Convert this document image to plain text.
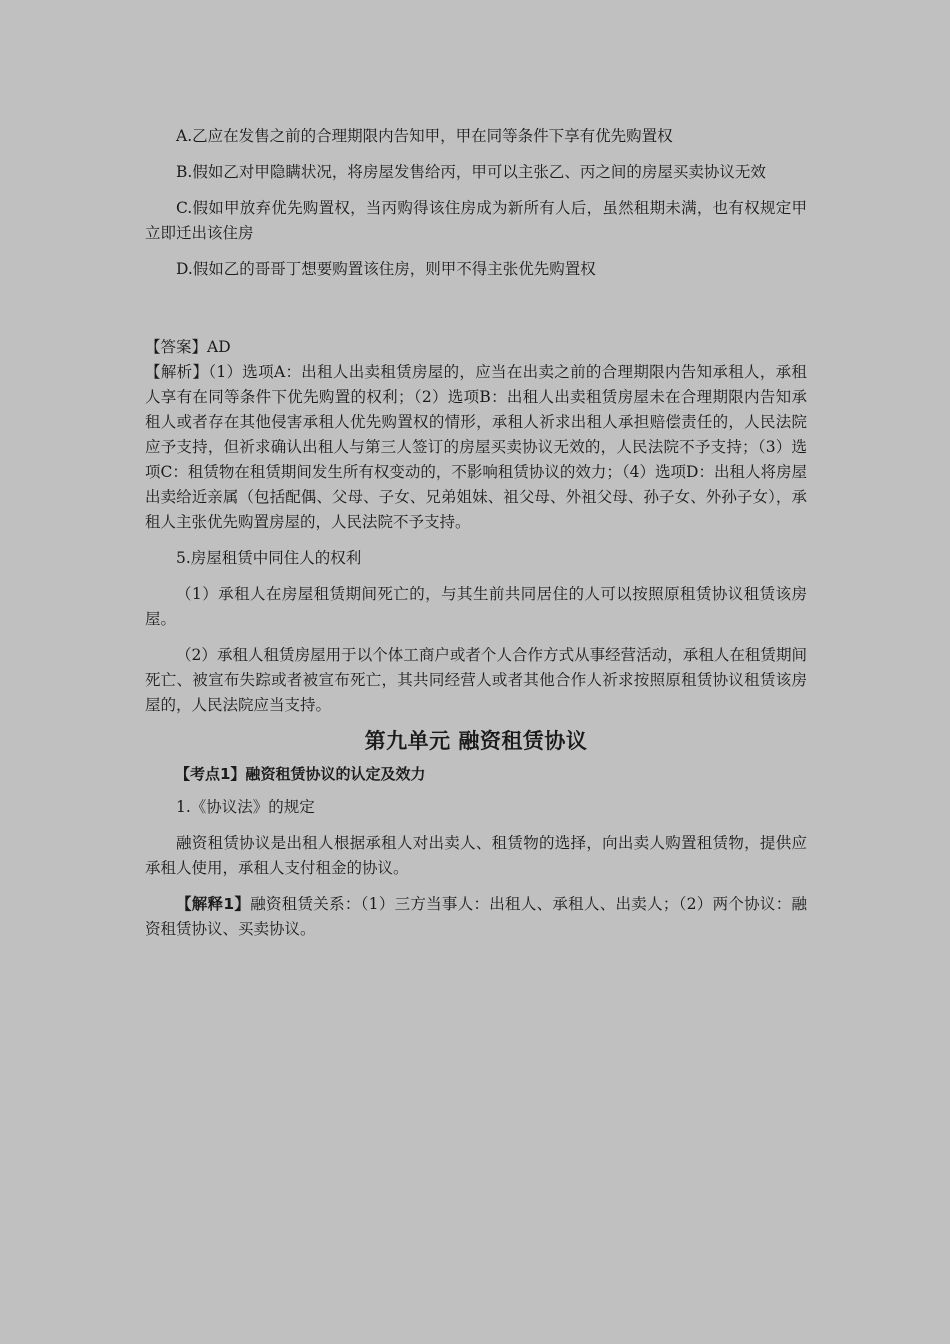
A.乙应在发售之前的合理期限内告知甲，甲在同等条件下享有优先购置权

B.假如乙对甲隐瞒状况，将房屋发售给丙，甲可以主张乙、丙之间的房屋买卖协议无效

C.假如甲放弃优先购置权，当丙购得该住房成为新所有人后，虽然租期未满，也有权规定甲立即迁出该住房

D.假如乙的哥哥丁想要购置该住房，则甲不得主张优先购置权

【答案】AD

【解析】（1）选项A：出租人出卖租赁房屋的，应当在出卖之前的合理期限内告知承租人，承租人享有在同等条件下优先购置的权利；（2）选项B：出租人出卖租赁房屋未在合理期限内告知承租人或者存在其他侵害承租人优先购置权的情形，承租人祈求出租人承担赔偿责任的，人民法院应予支持，但祈求确认出租人与第三人签订的房屋买卖协议无效的，人民法院不予支持；（3）选项C：租赁物在租赁期间发生所有权变动的，不影响租赁协议的效力；（4）选项D：出租人将房屋出卖给近亲属（包括配偶、父母、子女、兄弟姐妹、祖父母、外祖父母、孙子女、外孙子女），承租人主张优先购置房屋的，人民法院不予支持。

5.房屋租赁中同住人的权利

（1）承租人在房屋租赁期间死亡的，与其生前共同居住的人可以按照原租赁协议租赁该房屋。

（2）承租人租赁房屋用于以个体工商户或者个人合作方式从事经营活动，承租人在租赁期间死亡、被宣布失踪或者被宣布死亡，其共同经营人或者其他合作人祈求按照原租赁协议租赁该房屋的，人民法院应当支持。

第九单元 融资租赁协议

【考点1】融资租赁协议的认定及效力

1.《协议法》的规定

融资租赁协议是出租人根据承租人对出卖人、租赁物的选择，向出卖人购置租赁物，提供应承租人使用，承租人支付租金的协议。

【解释1】融资租赁关系：（1）三方当事人：出租人、承租人、出卖人；（2）两个协议：融资租赁协议、买卖协议。
